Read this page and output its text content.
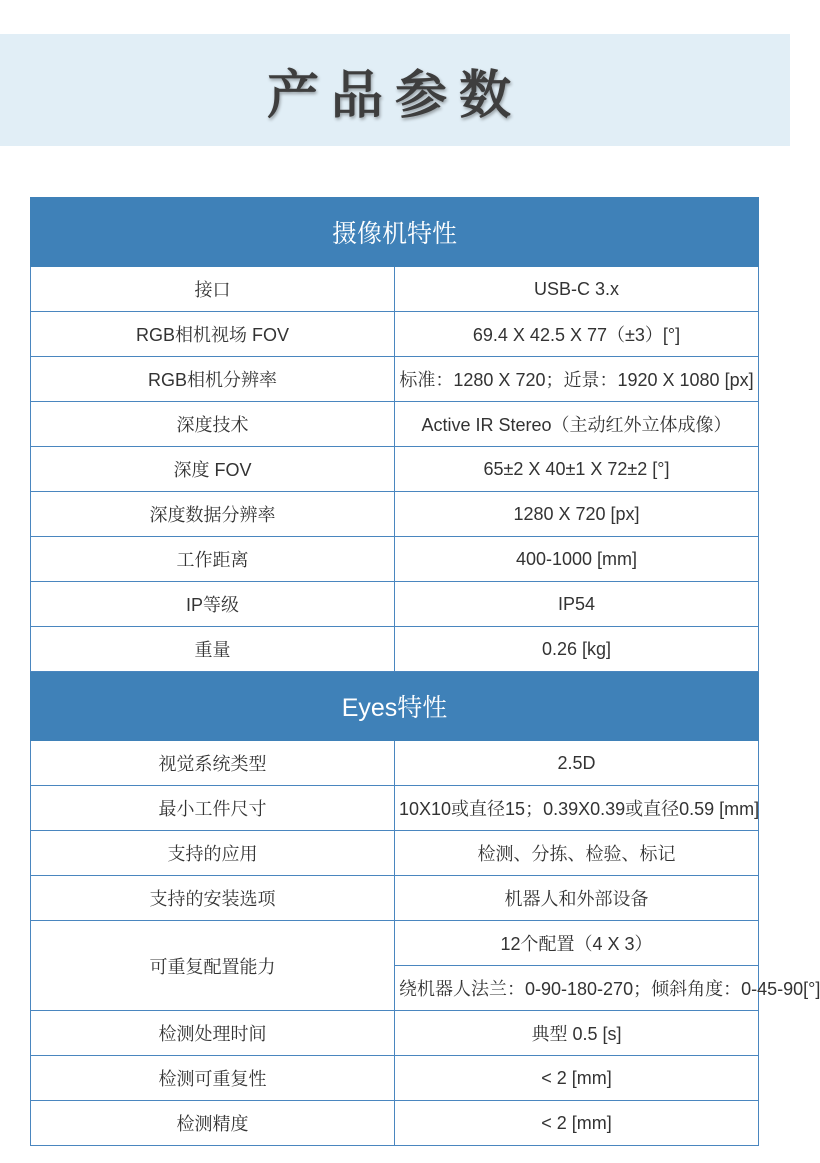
产品参数
摄像机特性	
接口	USB-C 3.x
RGB相机视场 FOV	69.4 X 42.5 X 77（±3）[°]
RGB相机分辨率	标准：1280 X 720；近景：1920 X 1080 [px]
深度技术	Active IR Stereo（主动红外立体成像）
深度 FOV	65±2 X 40±1 X 72±2 [°]
深度数据分辨率	1280 X 720 [px]
工作距离	400-1000 [mm]
IP等级	IP54
重量	0.26 [kg]
Eyes特性	
视觉系统类型	2.5D
最小工件尺寸	10X10或直径15；0.39X0.39或直径0.59 [mm]
支持的应用	检测、分拣、检验、标记
支持的安装选项	机器人和外部设备
可重复配置能力	12个配置（4 X 3）
	绕机器人法兰：0-90-180-270；倾斜角度：0-45-90[°]
检测处理时间	典型 0.5 [s]
检测可重复性	< 2 [mm]
检测精度	< 2 [mm]
